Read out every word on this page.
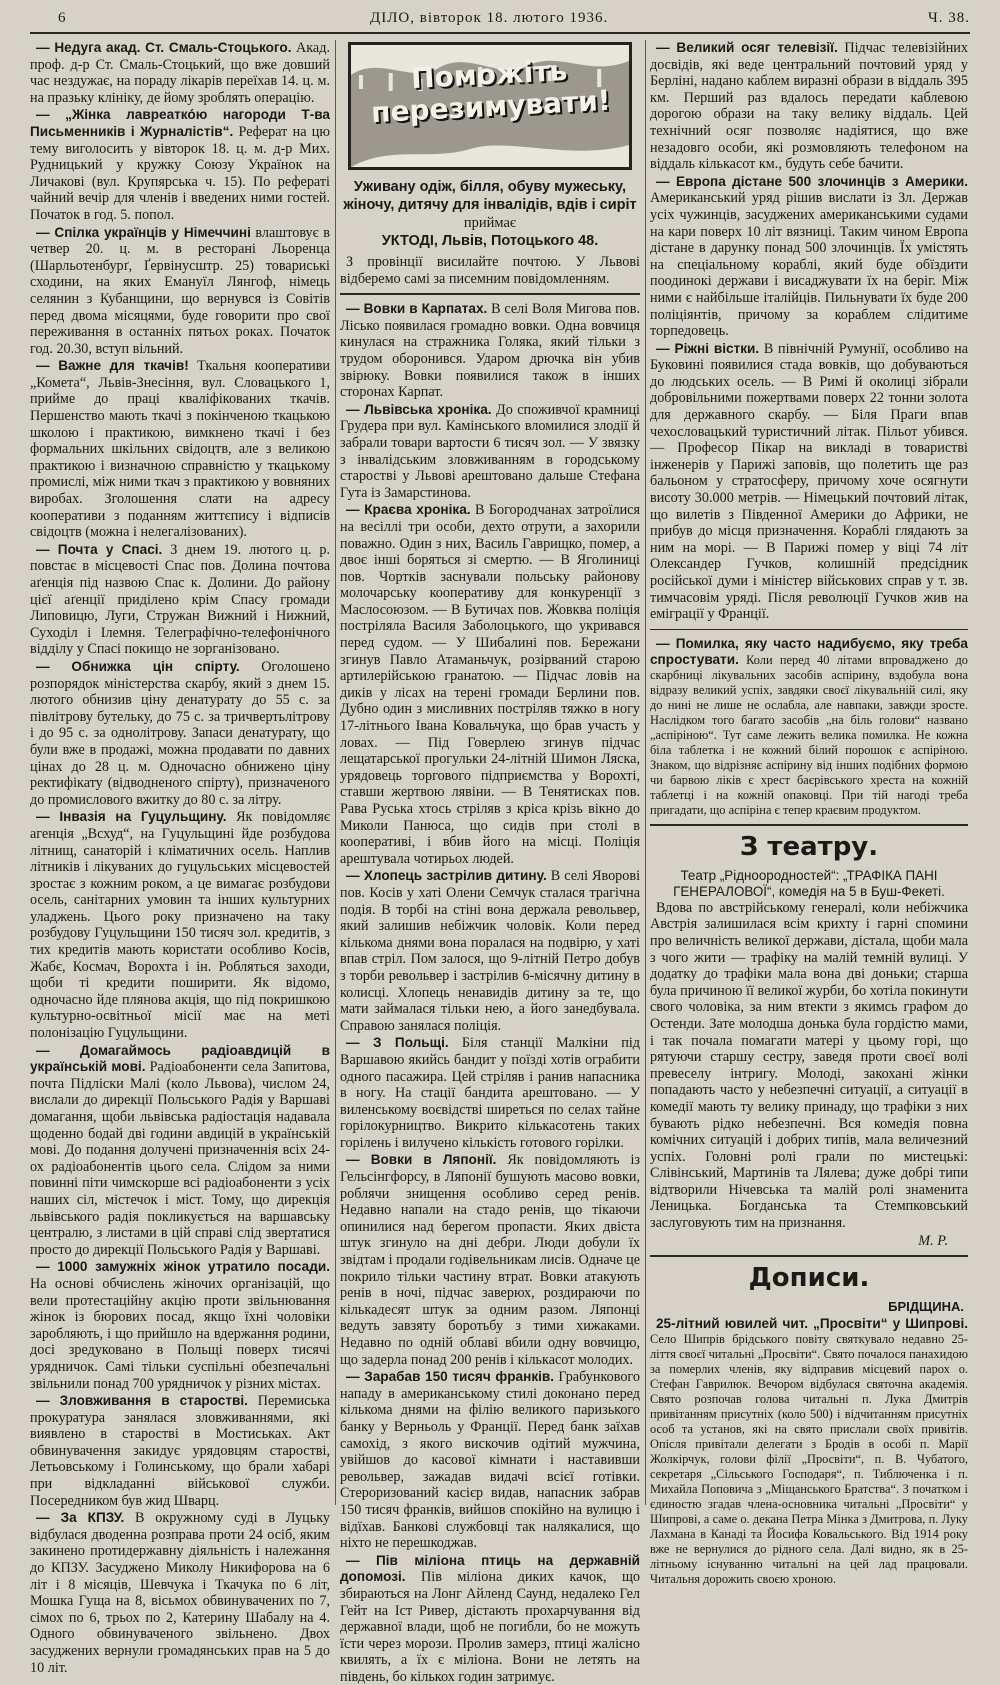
6	ДІЛО, вівторок 18. лютого 1936.	Ч. 38.

— Недуга акад. Ст. Смаль-Стоцького. Акад. проф. д-р Ст. Смаль-Стоцький, що вже довший час нездужає, на пораду лікарів переїхав 14. ц. м. на празьку клініку, де йому зроблять операцію.

— „Жінка лавреатко́ю нагороди Т-ва Письменників і Журналістів“. Реферат на цю тему виголосить у вівторок 18. ц. м. д-р Мих. Рудницький у кружку Союзу Українок на Личакові (вул. Крупярська ч. 15). По рефераті чайний вечір для членів і введених ними гостей. Початок в год. 5. попол.

— Спілка українців у Німеччині влаштовує в четвер 20. ц. м. в ресторані Льоренца (Шарльотенбурґ, Ґервінусштр. 25) товариські сходини, на яких Емануїл Лянгоф, німець селянин з Кубанщини, що вернувся із Совітів перед двома місяцями, буде говорити про свої переживання в останніх пятьох роках. Початок год. 20.30, вступ вільний.

— Важне для ткачів! Ткальня кооперативи „Комета“, Львів-Знесіння, вул. Словацького 1, прийме до праці кваліфікованих ткачів. Першенство мають ткачі з покінченою ткацькою школою і практикою, вимкнено ткачі і без формальних шкільних свідоцтв, але з великою практикою і визначною справністю у ткацькому промислі, між ними ткач з практикою у вовняних виробах. Зголошення слати на адресу кооперативи з поданням життєпису і відписів свідоцтв (можна і нелегалізованих).

— Почта у Спасі. З днем 19. лютого ц. р. повстає в місцевості Спас пов. Долина почтова аґенція під назвою Спас к. Долини. До району цієї аґенції приділено крім Спасу громади Липовицю, Луги, Стружан Вижний і Нижний, Суходіл і Ілемня. Телеграфічно-телефонічного відділу у Спасі покищо не зорганізовано.

— Обнижка цін спірту. Оголошено розпорядок міністерства скарбу, який з днем 15. лютого обнизив ціну денатурату до 55 с. за півлітрову бутельку, до 75 с. за тричвертьлітрову і до 95 с. за однолітрову. Запаси денатурату, що були вже в продажі, можна продавати по давних цінах до 28 ц. м. Одночасно обнижено ціну ректифікату (відводненого спірту), призначеного до промислового вжитку до 80 с. за літру.

— Інвазія на Гуцульщину. Як повідомляє агенція „Всхуд“, на Гуцульщині йде розбудова літнищ, санаторій і кліматичних осель. Наплив літників і лікуваних до гуцульських місцевостей зростає з кожним роком, а це вимагає розбудови осель, санітарних умовин та інших культурних уладжень. Цього року призначено на таку розбудову Гуцульщини 150 тисяч зол. кредитів, з тих кредитів мають користати особливо Косів, Жабє, Космач, Ворохта і ін. Робляться заходи, щоби ті кредити поширити. Як відомо, одночасно йде плянова акція, що під покришкою культурно-освітньої місії має на меті полонізацію Гуцульщини.

— Домагаймось радіоавдицій в українській мові. Радіоабоненти села Запитова, почта Підліски Малі (коло Львова), числом 24, вислали до дирекції Польського Радія у Варшаві домагання, щоби львівська радіостація надавала щоденно бодай дві години авдицій в українській мові. До подання долучені призначеннія всіх 24-ох радіоабонентів цього села. Слідом за ними повинні піти чимскорше всі радіоабоненти з усіх наших сіл, містечок і міст. Тому, що дирекція львівського радія покликується на варшавську централю, з листами в цій справі слід звертатися просто до дирекції Польського Радія у Варшаві.

— 1000 замужніх жінок утратило посади. На основі обчислень жіночих організацій, що вели протестаційну акцію проти звільнювання жінок із бюрових посад, якщо їхні чоловіки заробляють, і що прийшло на вдержання родини, досі зредуковано в Польщі поверх тисячі урядничок. Самі тільки суспільні обезпечальні звільнили понад 700 урядничок у різних містах.

— Зловживання в старостві. Перемиська прокуратура занялася зловживаннями, які виявлено в старостві в Мостиськах. Акт обвинувачення закидує урядовцям старостві, Летьовському і Голинському, що брали хабарі при відкладанні військової служби. Посередником був жид Шварц.

— За КПЗУ. В окружному суді в Луцьку відбулася дводенна розправа проти 24 осіб, яким закинено протидержавну діяльність і належання до КПЗУ. Засуджено Миколу Никифорова на 6 літ і 8 місяців, Шевчука і Ткачука по 6 літ, Мошка Гуща на 8, вісьмох обвинувачених по 7, сімох по 6, трьох по 2, Катерину Шабалу на 4. Одного обвинуваченого звільнено. Двох засуджених вернули громадянських прав на 5 до 10 літ.

Поможіть перезимувати!
Уживану одіж, білля, обуву мужеську, жіночу, дитячу для інвалідів, вдів і сиріт
приймає
УКТОДІ, Львів, Потоцького 48.

З провінції висилайте почтою. У Львові відберемо самі за писемним повідомленням.

— Вовки в Карпатах. В селі Воля Мигова пов. Лісько появилася громадно вовки. Одна вовчиця кинулася на стражника Голяка, який тільки з трудом оборонився. Ударом дрючка він убив звірюку. Вовки появилися також в інших сторонах Карпат.

— Львівська хроніка. До споживчої крамниці Грудера при вул. Камінського вломилися злодії й забрали товари вартости 6 тисяч зол. — У звязку з інвалідським зловживанням в городському старостві у Львові арештовано дальше Стефана Гута із Замарстинова.

— Краєва хроніка. В Богородчанах затроїлися на весіллі три особи, дехто отрути, а захорили поважно. Один з них, Василь Гаврищко, помер, а двоє інші боряться зі смертю. — В Яголиниці пов. Чортків заснували польську районову молочарську кооперативу для конкуренції з Маслосоюзом. — В Бутичах пов. Жовква поліція постріляла Василя Заболоцького, що укривався перед судом. — У Шибалині пов. Бережани згинув Павло Атаманьчук, розірваний старою артилерійською гранатою. — Підчас ловів на диків у лісах на терені громади Берлини пов. Дубно один з мисливних постріляв тяжко в ногу 17-літнього Івана Ковальчука, що брав участь у ловах. — Під Говерлею згинув підчас лещатарської прогульки 24-літній Шимон Ляска, урядовець торгового підприємства у Ворохті, ставши жертвою лявіни. — В Тенятисках пов. Рава Руська хтось стріляв з кріса крізь вікно до Миколи Панюса, що сидів при столі в кооперативі, і вбив його на місці. Поліція арештувала чотирьох людей.

— Хлопець застрілив дитину. В селі Яворові пов. Косів у хаті Олени Семчук сталася трагічна подія. В торбі на стіні вона держала револьвер, який залишив небіжчик чоловік. Коли перед кількома днями вона поралася на подвірю, у хаті впав стріл. Пом залося, що 9-літній Петро добув з торби револьвер і застрілив 6-місячну дитину в колисці. Хлопець ненавидів дитину за те, що мати займалася тільки нею, а його занедбувала. Справою занялася поліція.

— З Польщі. Біля станції Малкіни під Варшавою якийсь бандит у поїзді хотів ограбити одного пасажира. Цей стріляв і ранив напасника в ногу. На стації бандита арештовано. — У виленському воєвідстві ширеться по селах тайне горілокурництво. Викрито кількасотень таких горілень і вилучено кількість готового горілки.

— Вовки в Ляпонії. Як повідомляють із Гельсінгфорсу, в Ляпонії бушують масово вовки, роблячи знищення особливо серед ренів. Недавно напали на стадо ренів, що тікаючи опинилися над берегом пропасти. Яких двіста штук згинуло на дні дебри. Люди добули їх звідтам і продали годівельникам лисів. Одначе це покрило тільки частину втрат. Вовки атакують ренів в ночі, підчас заверюх, роздираючи по кількадесят штук за одним разом. Ляпонці ведуть завзяту боротьбу з тими хижаками. Недавно по одній облаві вбили одну вовчицю, що задерла понад 200 ренів і кількасот молодих.

— Зарабав 150 тисяч франків. Грабункового нападу в американському стилі доконано перед кількома днями на філію великого паризького банку у Верньоль у Франції. Перед банк заїхав самохід, з якого вискочив одітий мужчина, увійшов до касової кімнати і наставивши револьвер, зажадав видачі всієї готівки. Стероризований касієр видав, напасник забрав 150 тисяч франків, вийшов спокійно на вулицю і відїхав. Банкові службовці так налякалися, що ніхто не перешкоджав.

— Пів міліона птиць на державній допомозі. Пів міліона диких качок, що збираються на Лонг Айленд Саунд, недалеко Гел Гейт на Іст Ривер, дістають прохарчування від державної влади, щоб не погибли, бо не можуть їсти через морози. Пролив замерз, птиці жалісно квилять, а їх є міліона. Вони не летять на південь, бо кількох годин затримує.

— Великий осяг телевізії. Підчас телевізійних досвідів, які веде центральний почтовий уряд у Берліні, надано каблем виразні образи в віддаль 395 км. Перший раз вдалось передати каблевою дорогою образи на таку велику віддаль. Цей технічний осяг позволяє надіятися, що вже незадовго особи, які розмовляють телефоном на віддаль кількасот км., будуть себе бачити.

— Европа дістане 500 злочинців з Америки. Американський уряд рішив вислати із Зл. Держав усіх чужинців, засуджених американськими судами на кари поверх 10 літ вязниці. Таким чином Европа дістане в дарунку понад 500 злочинців. Їх умістять на спеціальному кораблі, який буде обїздити поодинокі держави і висаджувати їх на беріг. Між ними є найбільше італійців. Пильнувати їх буде 200 поліціянтів, причому за кораблем слідитиме торпедовець.

— Ріжні вістки. В північній Румунії, особливо на Буковині появилися стада вовків, що добуваються до людських осель. — В Римі й околиці зібрали добровільними пожертвами поверх 22 тонни золота для державного скарбу. — Біля Праги впав чехословацький туристичний літак. Пільот убився. — Професор Пікар на викладі в товаристві інженерів у Парижі заповів, що полетить ще раз бальоном у стратосферу, причому хоче осягнути висоту 30.000 метрів. — Німецький почтовий літак, що вилетів з Південної Америки до Африки, не прибув до місця призначення. Кораблі глядають за ним на морі. — В Парижі помер у віці 74 літ Олександер Гучков, колишній предсідник російської думи і міністер військових справ у т. зв. тимчасовім уряді. Після революції Гучков жив на еміграції у Франції.

— Помилка, яку часто надибуємо, яку треба спростувати. Коли перед 40 літами впроваджено до скарбниці лікувальних засобів аспірину, вздобула вона відразу великий успіх, завдяки своєї лікувальній силі, яку до нині не лише не ослабла, але навпаки, завжди зросте. Наслідком того багато засобів „на біль голови“ названо „аспіріною“. Тут саме лежить велика помилка. Не кожна біла таблетка і не кожний білий порошок є аспіріною. Знаком, що відрізняє аспірину від інших подібних формою чи барвою ліків є хрест баєрівського хреста на кожній таблетці і на кожній опаковці. При тій нагоді треба пригадати, що аспіріна є тепер краєвим продуктом.

З театру.
Театр „Рідноородностей“: „ТРАФІКА ПАНІ ГЕНЕРАЛОВОЇ“, комедія на 5 в Буш-Фекеті.

Вдова по австрійському генералі, коли небіжчика Австрія залишилася всім крихту і гарні спомини про величність великої держави, дістала, щоби мала з чого жити — трафіку на малій темній вулиці. У додатку до трафіки мала вона дві доньки; старша була причиною її великої журби, бо хотіла покинути свого чоловіка, за ним втекти з якимсь графом до Остенди. Зате молодша донька була гордістю мами, і так почала помагати матері у цьому горі, що рятуючи старшу сестру, заведя проти своєї волі превеселу інтригу. Молоді, закохані жінки попадають часто у небезпечні ситуації, а ситуації в комедії мають ту велику принаду, що трафіки з них бувають рідко небезпечні. Вся комедія повна комічних ситуацій і добрих типів, мала величезний успіх. Головні ролі грали по мистецькі: Слівінський, Мартинів та Лялева; дуже добрі типи відтворили Нічевська та малій ролі знаменита Леницька. Богданська та Стемпковський заслуговують тим на признання.

М. Р.
Дописи.
БРІДЩИНА.

25-літний ювилей чит. „Просвіти“ у Шипрові. Село Шипрів брідського повіту святкувало недавно 25-ліття своєї читальні „Просвіти“. Свято почалося панахидою за померлих членів, яку відправив місцевий парох о. Стефан Гаврилюк. Вечором відбулася святочна академія. Свято розпочав голова читальні п. Лука Дмитрів привітанням присутніх (коло 500) і відчитанням присутніх особ та установ, які на свято прислали своїх привітів. Опісля привітали делегати з Бродів в особі п. Марії Жолкірчук, голови філії „Просвіти“, п. В. Чубатого, секретаря „Сільського Господаря“, п. Тиблюченка і п. Михайла Поповича з „Міщанського Братства“. З початком і єдиностю згадав члена-основника читальні „Просвіти“ у Шипрові, а саме о. декана Петра Мінка з Дмитрова, п. Луку Лахмана в Канаді та Йосифа Ковальського. Від 1914 року вже не вернулися до рідного села. Далі видно, як в 25-літньому існуванню читальні на цей лад працювали. Читальня дорожить своєю хроною.
